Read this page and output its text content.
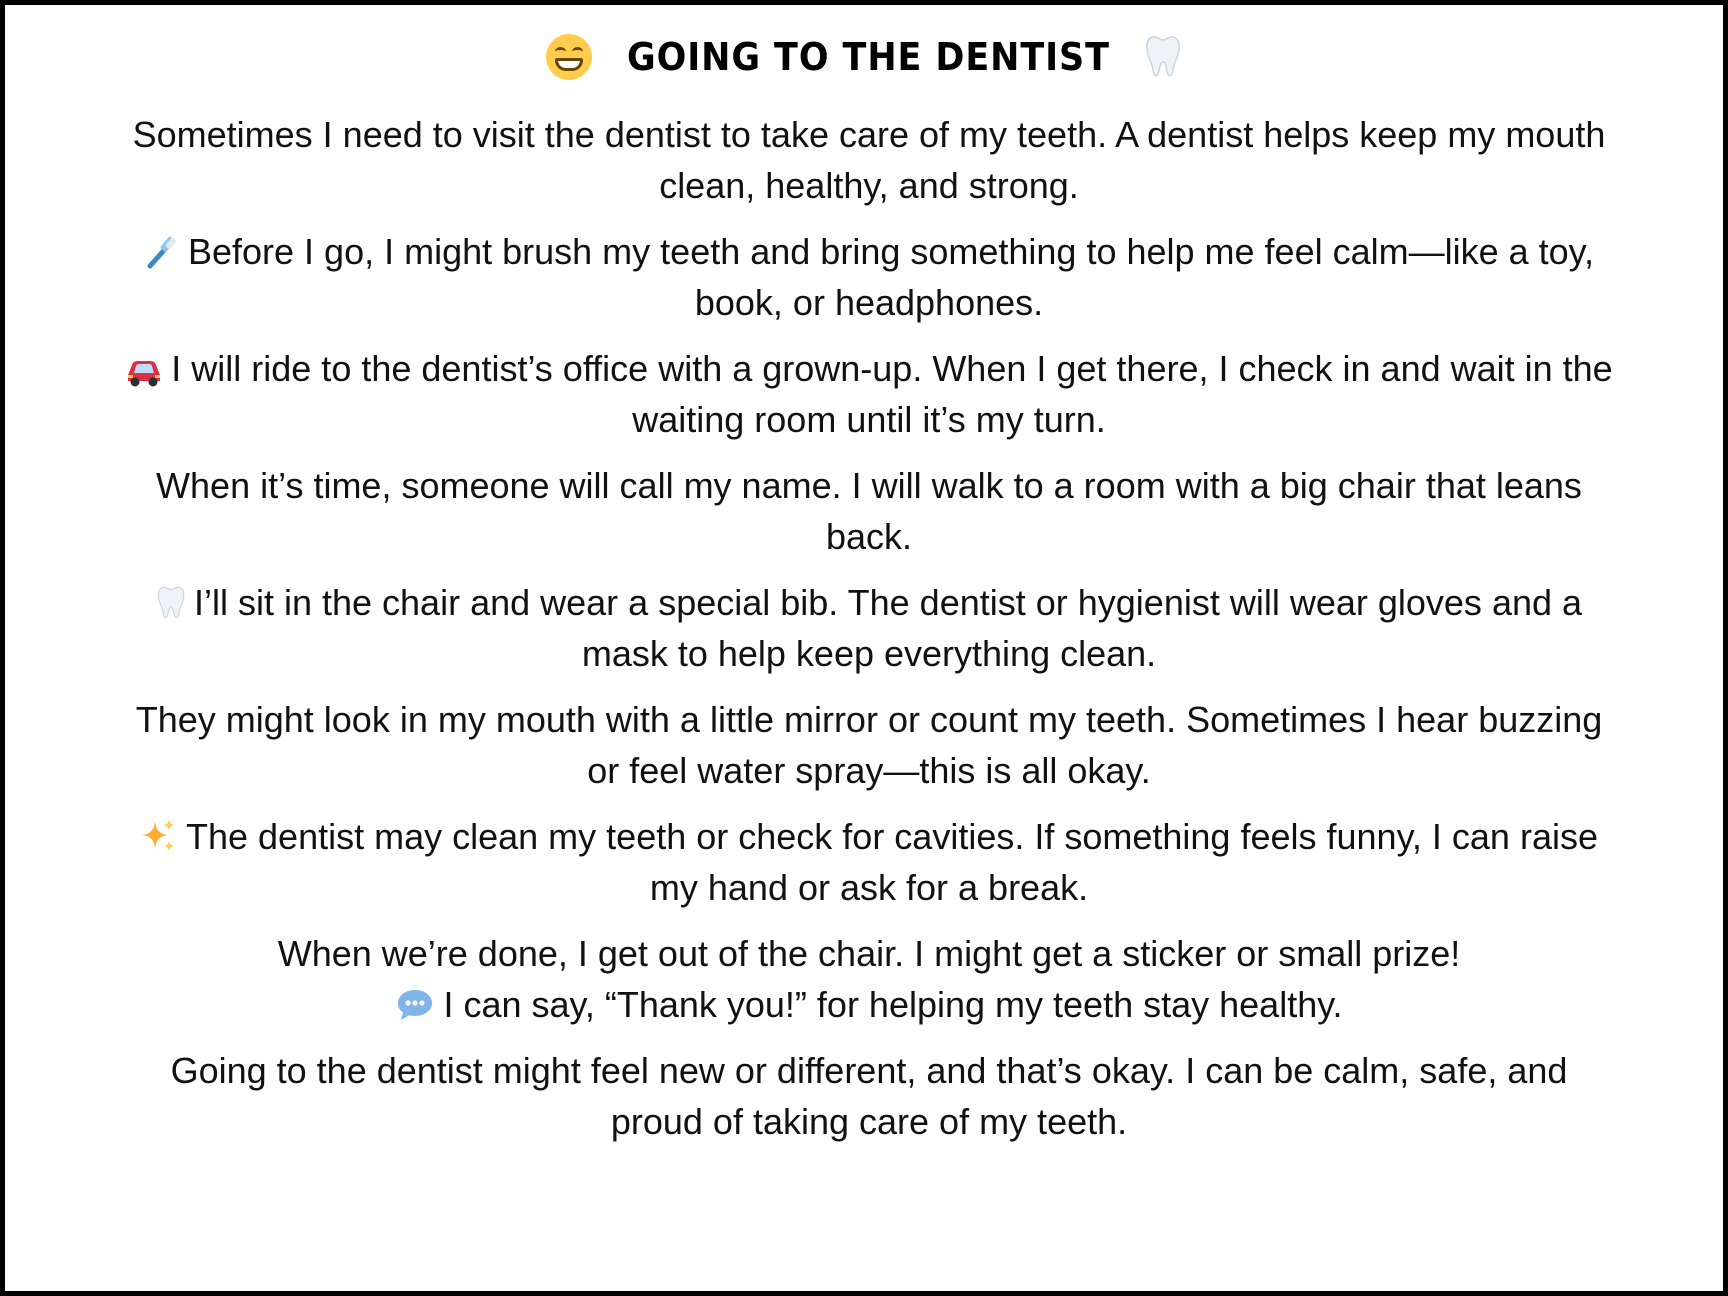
GOING TO THE DENTIST

Sometimes I need to visit the dentist to take care of my teeth. A dentist helps keep my mouth
clean, healthy, and strong.

Before I go, I might brush my teeth and bring something to help me feel calm—like a toy,
book, or headphones.

I will ride to the dentist’s office with a grown-up. When I get there, I check in and wait in the
waiting room until it’s my turn.

When it’s time, someone will call my name. I will walk to a room with a big chair that leans
back.

I’ll sit in the chair and wear a special bib. The dentist or hygienist will wear gloves and a
mask to help keep everything clean.

They might look in my mouth with a little mirror or count my teeth. Sometimes I hear buzzing
or feel water spray—this is all okay.

The dentist may clean my teeth or check for cavities. If something feels funny, I can raise
my hand or ask for a break.

When we’re done, I get out of the chair. I might get a sticker or small prize!
I can say, “Thank you!” for helping my teeth stay healthy.

Going to the dentist might feel new or different, and that’s okay. I can be calm, safe, and
proud of taking care of my teeth.
